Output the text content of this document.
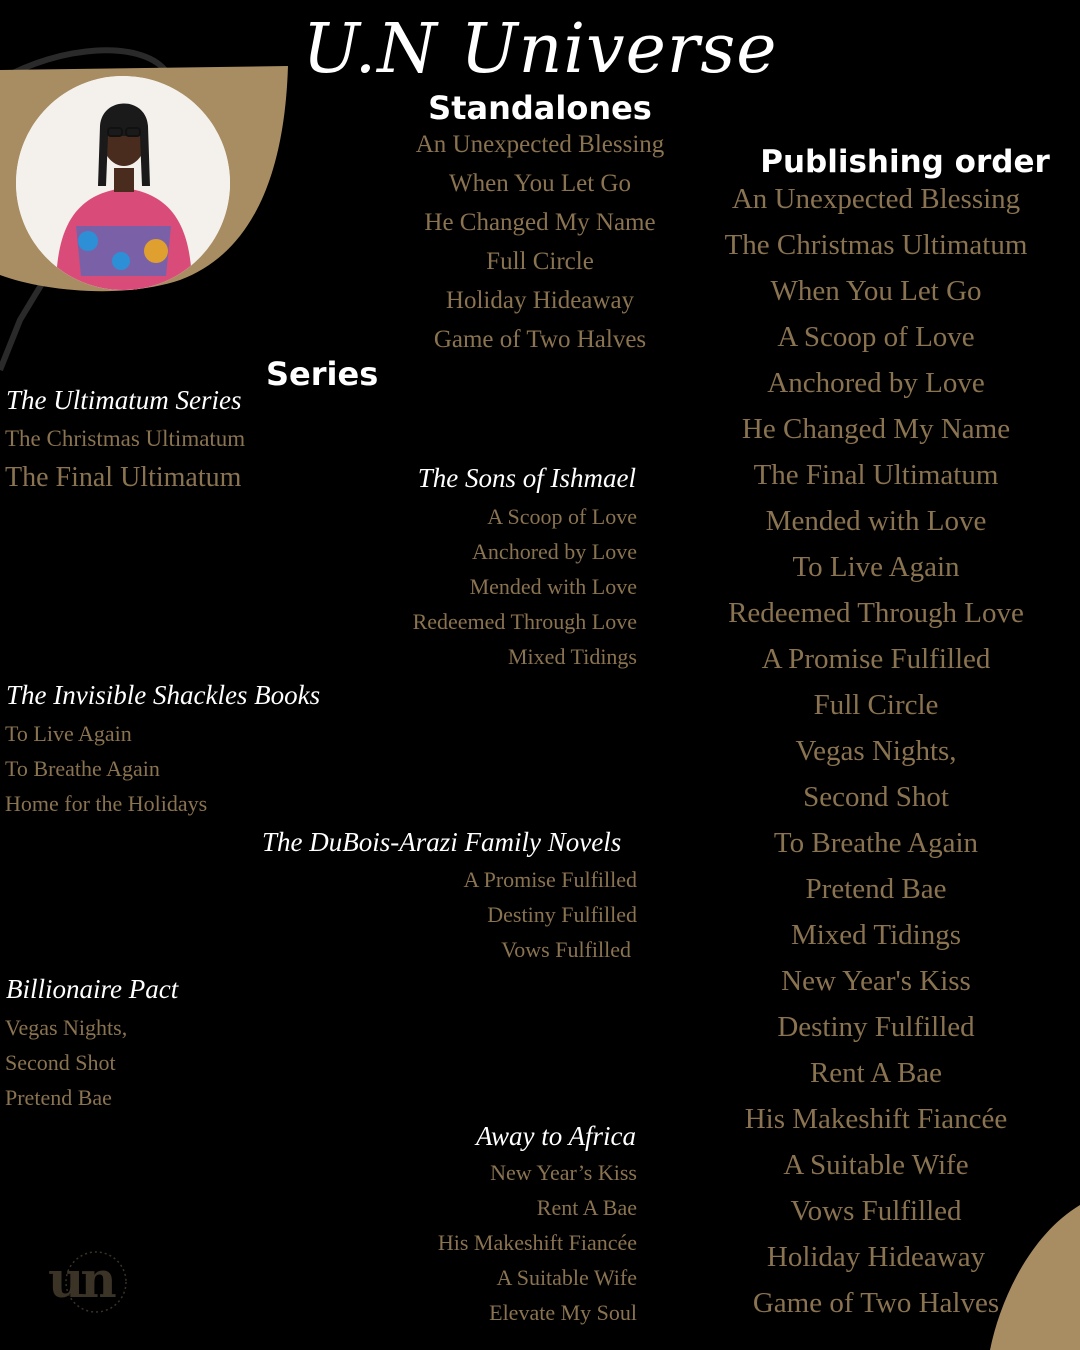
U.N Universe
Standalones
An Unexpected Blessing
When You Let Go
He Changed My Name
Full Circle
Holiday Hideaway
Game of Two Halves
Series
The Ultimatum Series
The Christmas Ultimatum
The Final Ultimatum	The Sons of Ishmael
A Scoop of Love
Anchored by Love
Mended with Love
Redeemed Through Love
Mixed Tidings
The Invisible Shackles Books
To Live Again
To Breathe Again
Home for the Holidays
The DuBois-Arazi Family Novels
A Promise Fulfilled
Destiny Fulfilled
Vows Fulfilled
Billionaire Pact
Vegas Nights,
Second Shot
Pretend Bae
Away to Africa
New Year’s Kiss
Rent A Bae
His Makeshift Fiancée
A Suitable Wife
Elevate My Soul
Publishing order
An Unexpected Blessing
The Christmas Ultimatum
When You Let Go
A Scoop of Love
Anchored by Love
He Changed My Name
The Final Ultimatum
Mended with Love
To Live Again
Redeemed Through Love
A Promise Fulfilled
Full Circle
Vegas Nights,
Second Shot
To Breathe Again
Pretend Bae
Mixed Tidings
New Year's Kiss
Destiny Fulfilled
Rent A Bae
His Makeshift Fiancée
A Suitable Wife
Vows Fulfilled
Holiday Hideaway
Game of Two Halves
un
